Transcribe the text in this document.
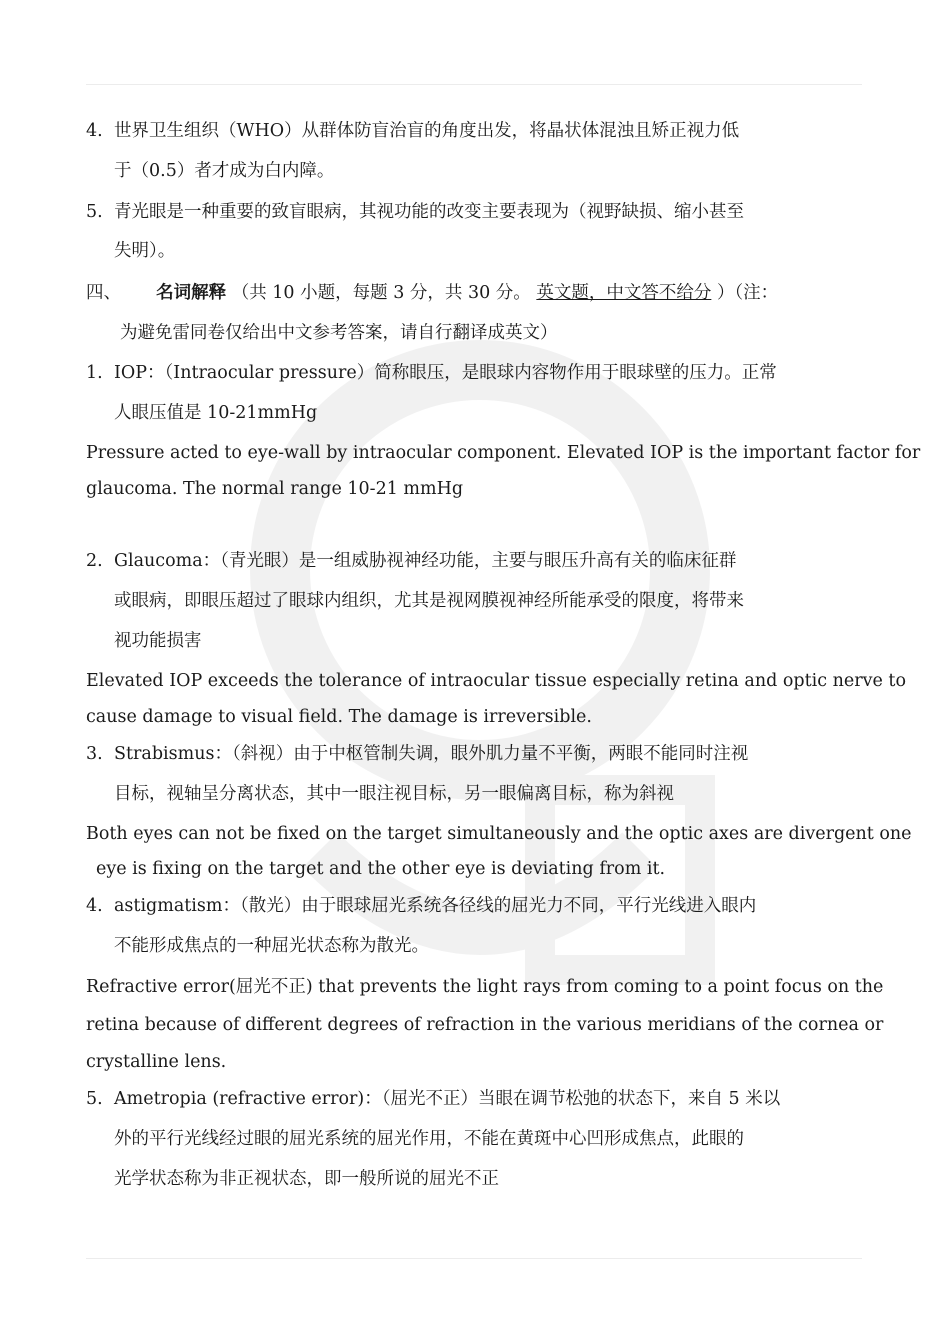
4. 世界卫生组织（WHO）从群体防盲治盲的角度出发，将晶状体混浊且矫正视力低
于（0.5）者才成为白内障。
5. 青光眼是一种重要的致盲眼病，其视功能的改变主要表现为（视野缺损、缩小甚至
失明）。
四、 名词解释 （共 10 小题，每题 3 分，共 30 分。 英文题，中文答不给分 ）（注：
为避免雷同卷仅给出中文参考答案，请自行翻译成英文）
1. IOP：（Intraocular pressure）简称眼压，是眼球内容物作用于眼球壁的压力。正常
人眼压值是 10-21mmHg
Pressure acted to eye-wall by intraocular component. Elevated IOP is the important factor for
glaucoma. The normal range 10-21 mmHg
2. Glaucoma：（青光眼）是一组威胁视神经功能，主要与眼压升高有关的临床征群
或眼病，即眼压超过了眼球内组织，尤其是视网膜视神经所能承受的限度，将带来
视功能损害
Elevated IOP exceeds the tolerance of intraocular tissue especially retina and optic nerve to
cause damage to visual field. The damage is irreversible.
3. Strabismus：（斜视）由于中枢管制失调，眼外肌力量不平衡，两眼不能同时注视
目标，视轴呈分离状态，其中一眼注视目标，另一眼偏离目标，称为斜视
Both eyes can not be fixed on the target simultaneously and the optic axes are divergent one
eye is fixing on the target and the other eye is deviating from it.
4. astigmatism：（散光）由于眼球屈光系统各径线的屈光力不同，平行光线进入眼内
不能形成焦点的一种屈光状态称为散光。
Refractive error(屈光不正) that prevents the light rays from coming to a point focus on the
retina because of different degrees of refraction in the various meridians of the cornea or
crystalline lens.
5. Ametropia (refractive error)：（屈光不正）当眼在调节松弛的状态下，来自 5 米以
外的平行光线经过眼的屈光系统的屈光作用，不能在黄斑中心凹形成焦点，此眼的
光学状态称为非正视状态，即一般所说的屈光不正
